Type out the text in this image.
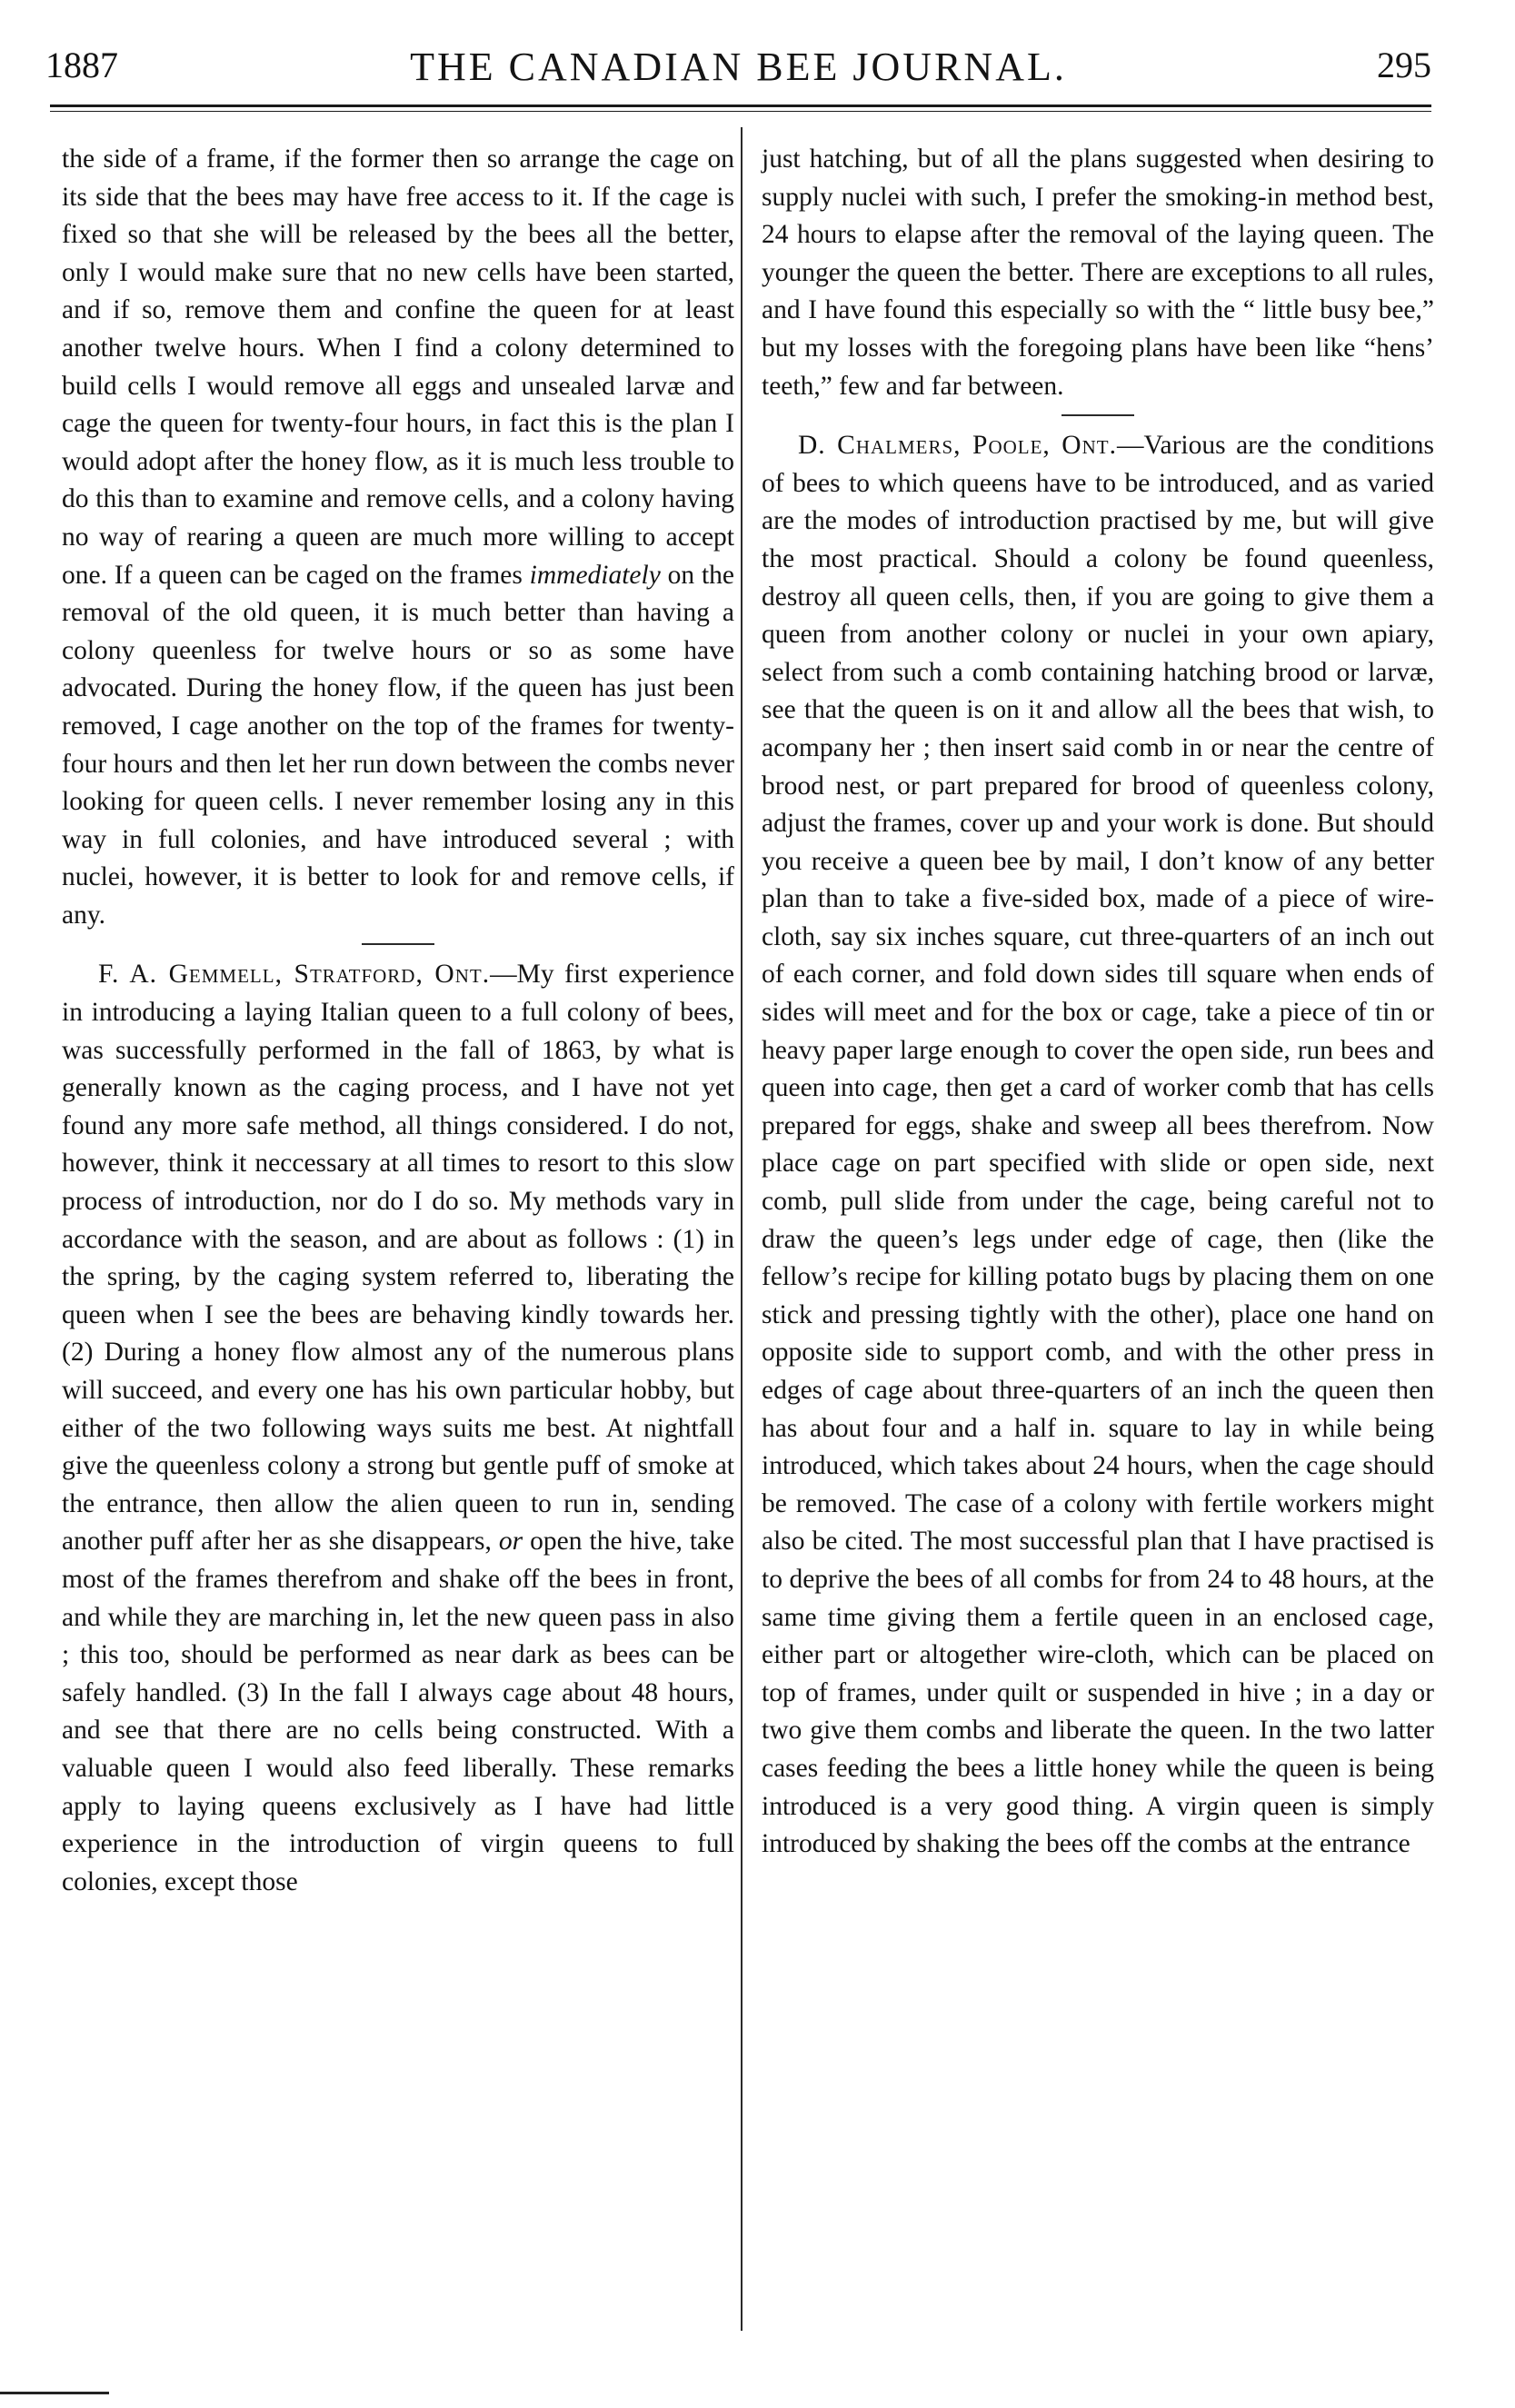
1887	THE CANADIAN BEE JOURNAL.	295

the side of a frame, if the former then so arrange the cage on its side that the bees may have free access to it. If the cage is fixed so that she will be released by the bees all the better, only I would make sure that no new cells have been started, and if so, remove them and confine the queen for at least another twelve hours. When I find a colony determined to build cells I would remove all eggs and unsealed larvæ and cage the queen for twenty-four hours, in fact this is the plan I would adopt after the honey flow, as it is much less trouble to do this than to examine and remove cells, and a colony having no way of rearing a queen are much more willing to accept one. If a queen can be caged on the frames immediately on the removal of the old queen, it is much better than having a colony queenless for twelve hours or so as some have advocated. During the honey flow, if the queen has just been removed, I cage another on the top of the frames for twenty-four hours and then let her run down between the combs never looking for queen cells. I never remember losing any in this way in full colonies, and have introduced several ; with nuclei, however, it is better to look for and remove cells, if any.

F. A. Gemmell, Stratford, Ont.—My first experience in introducing a laying Italian queen to a full colony of bees, was successfully performed in the fall of 1863, by what is generally known as the caging process, and I have not yet found any more safe method, all things considered. I do not, however, think it neccessary at all times to resort to this slow process of introduction, nor do I do so. My methods vary in accordance with the season, and are about as follows : (1) in the spring, by the caging system referred to, liberating the queen when I see the bees are behaving kindly towards her. (2) During a honey flow almost any of the numerous plans will succeed, and every one has his own particular hobby, but either of the two following ways suits me best. At nightfall give the queenless colony a strong but gentle puff of smoke at the entrance, then allow the alien queen to run in, sending another puff after her as she disappears, or open the hive, take most of the frames therefrom and shake off the bees in front, and while they are marching in, let the new queen pass in also ; this too, should be performed as near dark as bees can be safely handled. (3) In the fall I always cage about 48 hours, and see that there are no cells being constructed. With a valuable queen I would also feed liberally. These remarks apply to laying queens exclusively as I have had little experience in the introduction of virgin queens to full colonies, except those

just hatching, but of all the plans suggested when desiring to supply nuclei with such, I prefer the smoking-in method best, 24 hours to elapse after the removal of the laying queen. The younger the queen the better. There are exceptions to all rules, and I have found this especially so with the “ little busy bee,” but my losses with the foregoing plans have been like “hens’ teeth,” few and far between.

D. Chalmers, Poole, Ont.—Various are the conditions of bees to which queens have to be introduced, and as varied are the modes of introduction practised by me, but will give the most practical. Should a colony be found queenless, destroy all queen cells, then, if you are going to give them a queen from another colony or nuclei in your own apiary, select from such a comb containing hatching brood or larvæ, see that the queen is on it and allow all the bees that wish, to acompany her ; then insert said comb in or near the centre of brood nest, or part prepared for brood of queenless colony, adjust the frames, cover up and your work is done. But should you receive a queen bee by mail, I don’t know of any better plan than to take a five-sided box, made of a piece of wire-cloth, say six inches square, cut three-quarters of an inch out of each corner, and fold down sides till square when ends of sides will meet and for the box or cage, take a piece of tin or heavy paper large enough to cover the open side, run bees and queen into cage, then get a card of worker comb that has cells prepared for eggs, shake and sweep all bees therefrom. Now place cage on part specified with slide or open side, next comb, pull slide from under the cage, being careful not to draw the queen’s legs under edge of cage, then (like the fellow’s recipe for killing potato bugs by placing them on one stick and pressing tightly with the other), place one hand on opposite side to support comb, and with the other press in edges of cage about three-quarters of an inch the queen then has about four and a half in. square to lay in while being introduced, which takes about 24 hours, when the cage should be removed. The case of a colony with fertile workers might also be cited. The most successful plan that I have practised is to deprive the bees of all combs for from 24 to 48 hours, at the same time giving them a fertile queen in an enclosed cage, either part or altogether wire-cloth, which can be placed on top of frames, under quilt or suspended in hive ; in a day or two give them combs and liberate the queen. In the two latter cases feeding the bees a little honey while the queen is being introduced is a very good thing. A virgin queen is simply introduced by shaking the bees off the combs at the entrance
